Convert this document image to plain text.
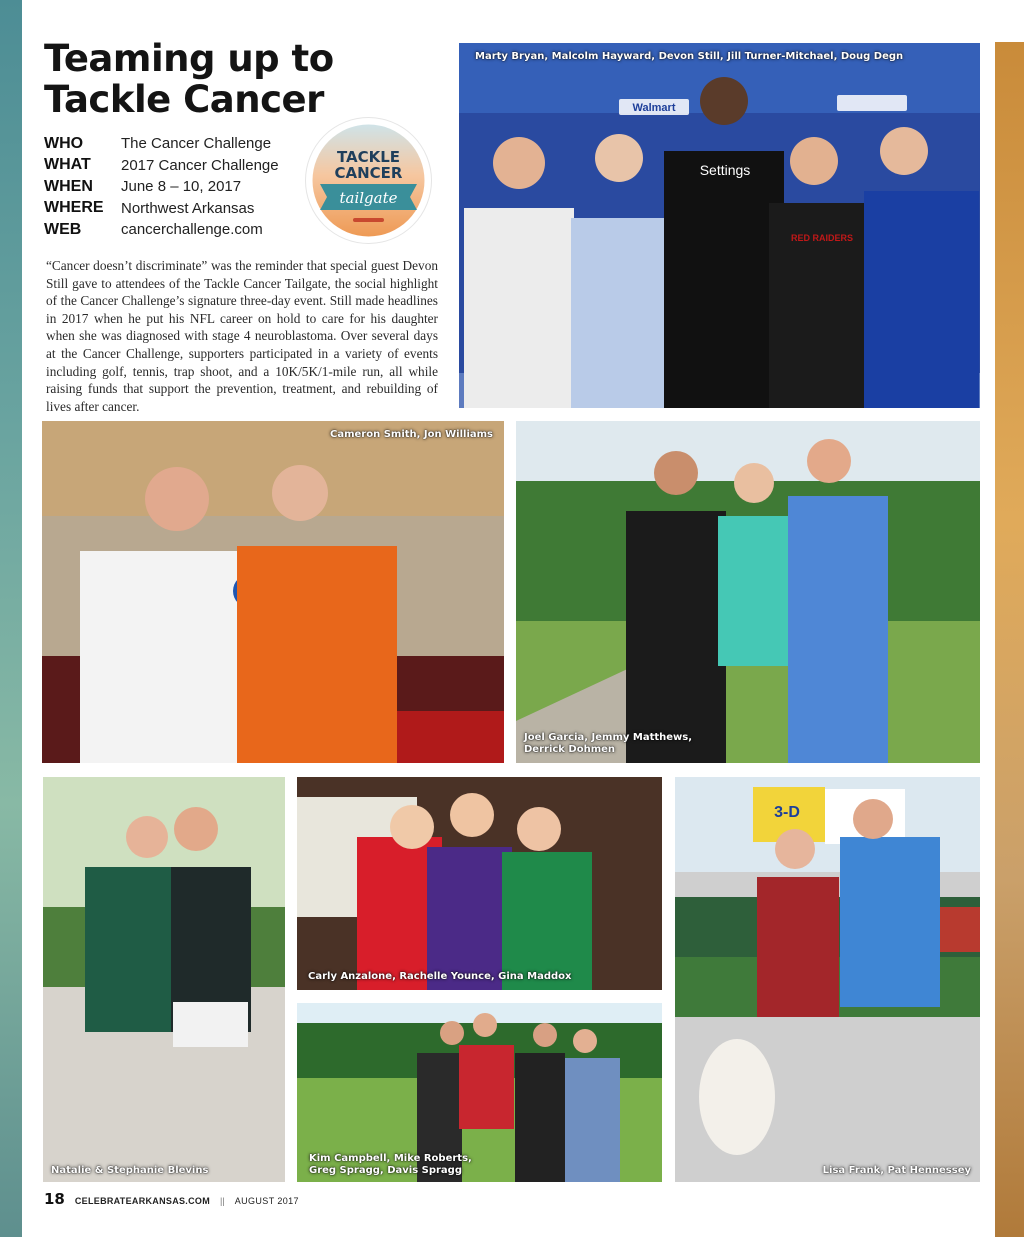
Teaming up to Tackle Cancer
WHO	The Cancer Challenge
WHAT	2017 Cancer Challenge
WHEN	June 8 – 10, 2017
WHERE	Northwest Arkansas
WEB	cancerchallenge.com
TACKLE
CANCER
tailgate

“Cancer doesn’t discriminate” was the reminder that special guest Devon Still gave to attendees of the Tackle Cancer Tailgate, the social highlight of the Cancer Challenge’s signature three-day event. Still made headlines in 2017 when he put his NFL career on hold to care for his daughter when she was diagnosed with stage 4 neuroblastoma. Over several days at the Cancer Challenge, supporters participated in a variety of events including golf, tennis, trap shoot, and a 10K/5K/1-mile run, all while raising funds that support the prevention, treatment, and rebuilding of lives after cancer.

Walmart
Settings
RED RAIDERS
Marty Bryan, Malcolm Hayward, Devon Still, Jill Turner-Mitchael, Doug Degn
Cameron Smith, Jon Williams
Joel Garcia, Jemmy Matthews, Derrick Dohmen
Natalie & Stephanie Blevins
Carly Anzalone, Rachelle Younce, Gina Maddox
3-D
Lisa Frank, Pat Hennessey
Kim Campbell, Mike Roberts, Greg Spragg, Davis Spragg
18 CELEBRATEARKANSAS.COM || AUGUST 2017
